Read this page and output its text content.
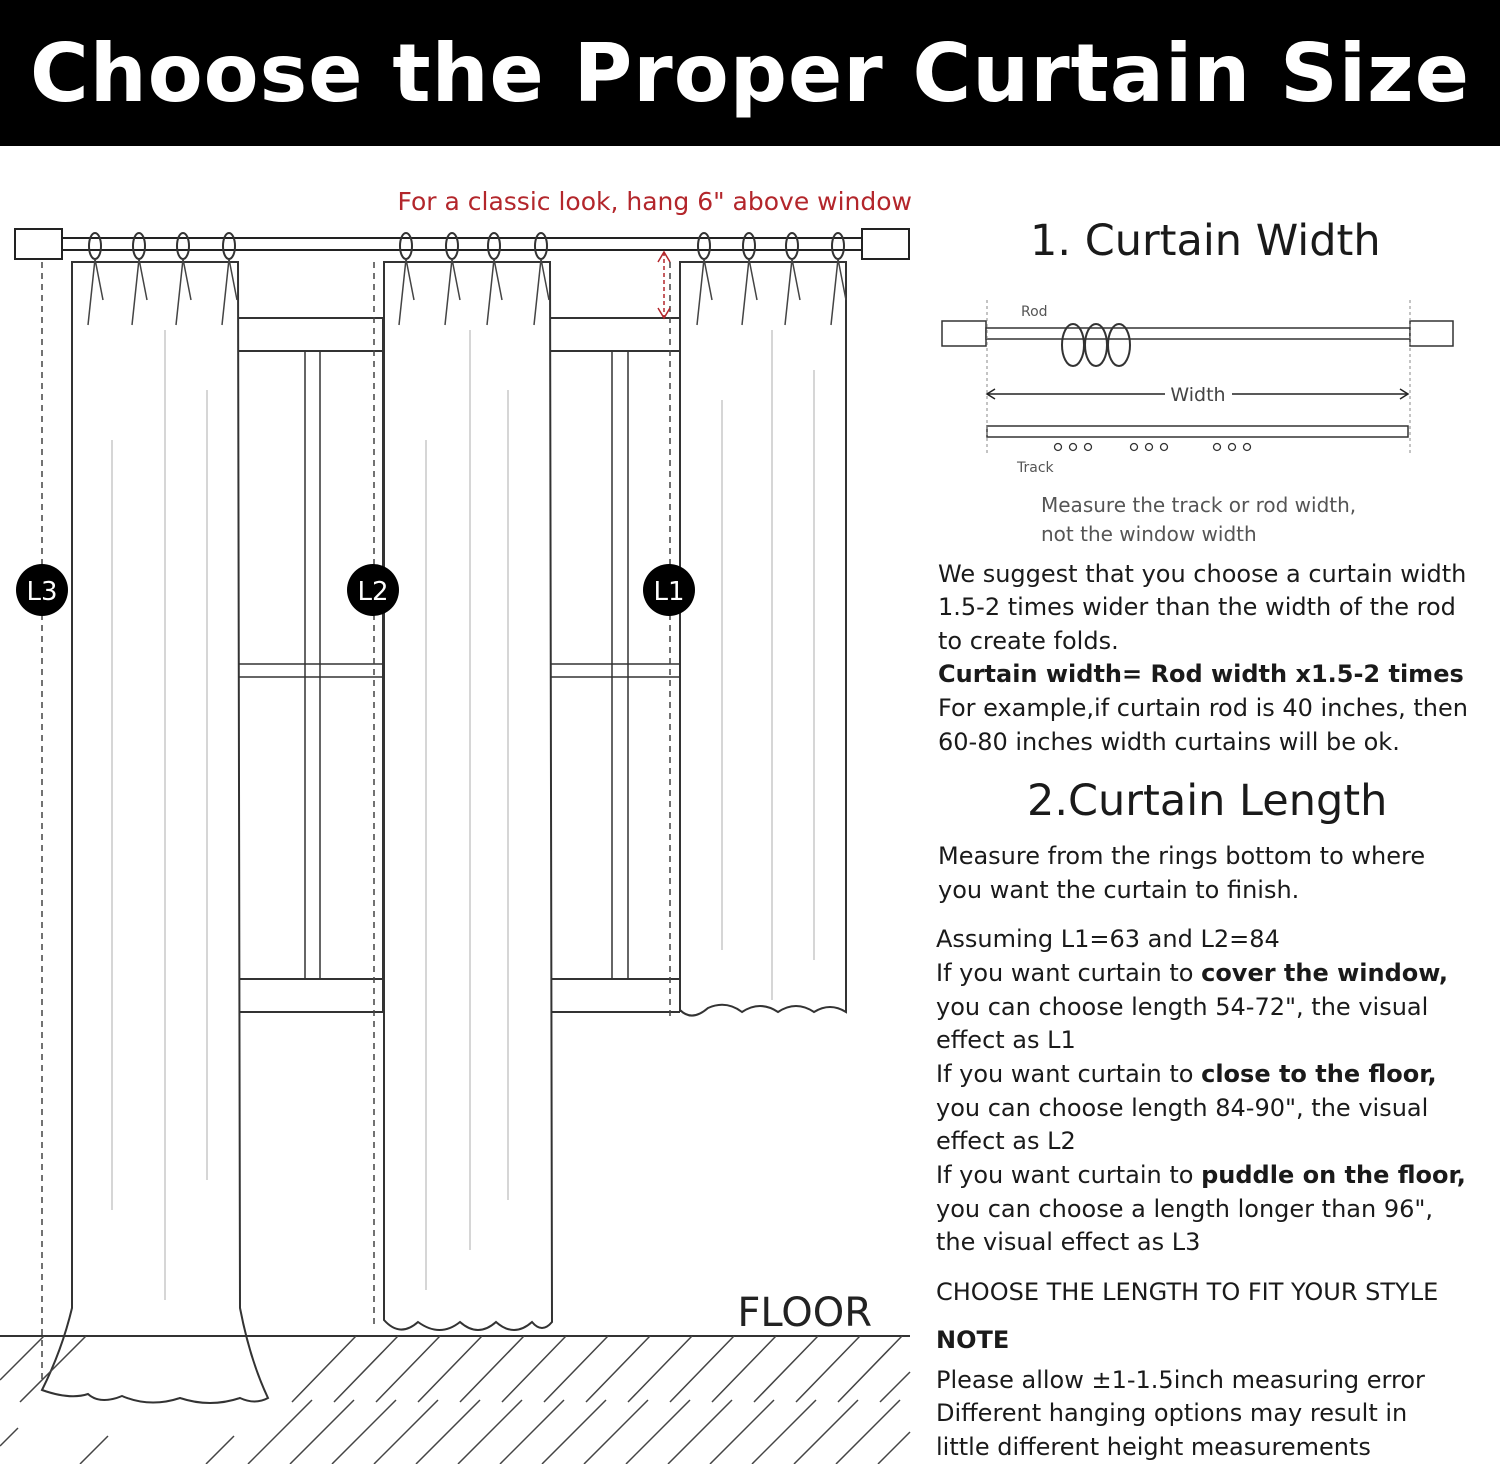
Choose the Proper Curtain Size
L3	L2	L1
For a classic look, hang 6" above window
FLOOR
1. Curtain Width
Rod
Width
Track
Measure the track or rod width,
not the window width
We suggest that you choose a curtain width
1.5-2 times wider than the width of the rod
to create folds.
Curtain width= Rod width x1.5-2 times
For example,if curtain rod is 40 inches, then
60-80 inches width curtains will be ok.
2.Curtain Length
Measure from the rings bottom to where
you want the curtain to finish.
Assuming L1=63 and L2=84
If you want curtain to cover the window,
you can choose length 54-72", the visual
effect as L1
If you want curtain to close to the floor,
you can choose length 84-90", the visual
effect as L2
If you want curtain to puddle on the floor,
you can choose a length longer than 96",
the visual effect as L3
CHOOSE THE LENGTH TO FIT YOUR STYLE
NOTE
Please allow ±1-1.5inch measuring error
Different hanging options may result in
little different height measurements
